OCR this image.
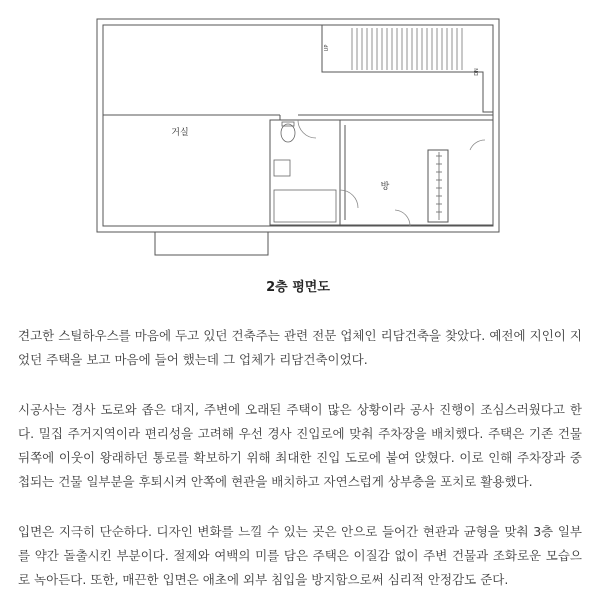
거실
방
UP
DN
2층 평면도

견고한 스틸하우스를 마음에 두고 있던 건축주는 관련 전문 업체인 리담건축을 찾았다. 예전에 지인이 지었던 주택을 보고 마음에 들어 했는데 그 업체가 리담건축이었다.

시공사는 경사 도로와 좁은 대지, 주변에 오래된 주택이 많은 상황이라 공사 진행이 조심스러웠다고 한다. 밀집 주거지역이라 편리성을 고려해 우선 경사 진입로에 맞춰 주차장을 배치했다. 주택은 기존 건물 뒤쪽에 이웃이 왕래하던 통로를 확보하기 위해 최대한 진입 도로에 붙여 앉혔다. 이로 인해 주차장과 중첩되는 건물 일부분을 후퇴시켜 안쪽에 현관을 배치하고 자연스럽게 상부층을 포치로 활용했다.

입면은 지극히 단순하다. 디자인 변화를 느낄 수 있는 곳은 안으로 들어간 현관과 균형을 맞춰 3층 일부를 약간 돌출시킨 부분이다. 절제와 여백의 미를 담은 주택은 이질감 없이 주변 건물과 조화로운 모습으로 녹아든다. 또한, 매끈한 입면은 애초에 외부 침입을 방지함으로써 심리적 안정감도 준다.
